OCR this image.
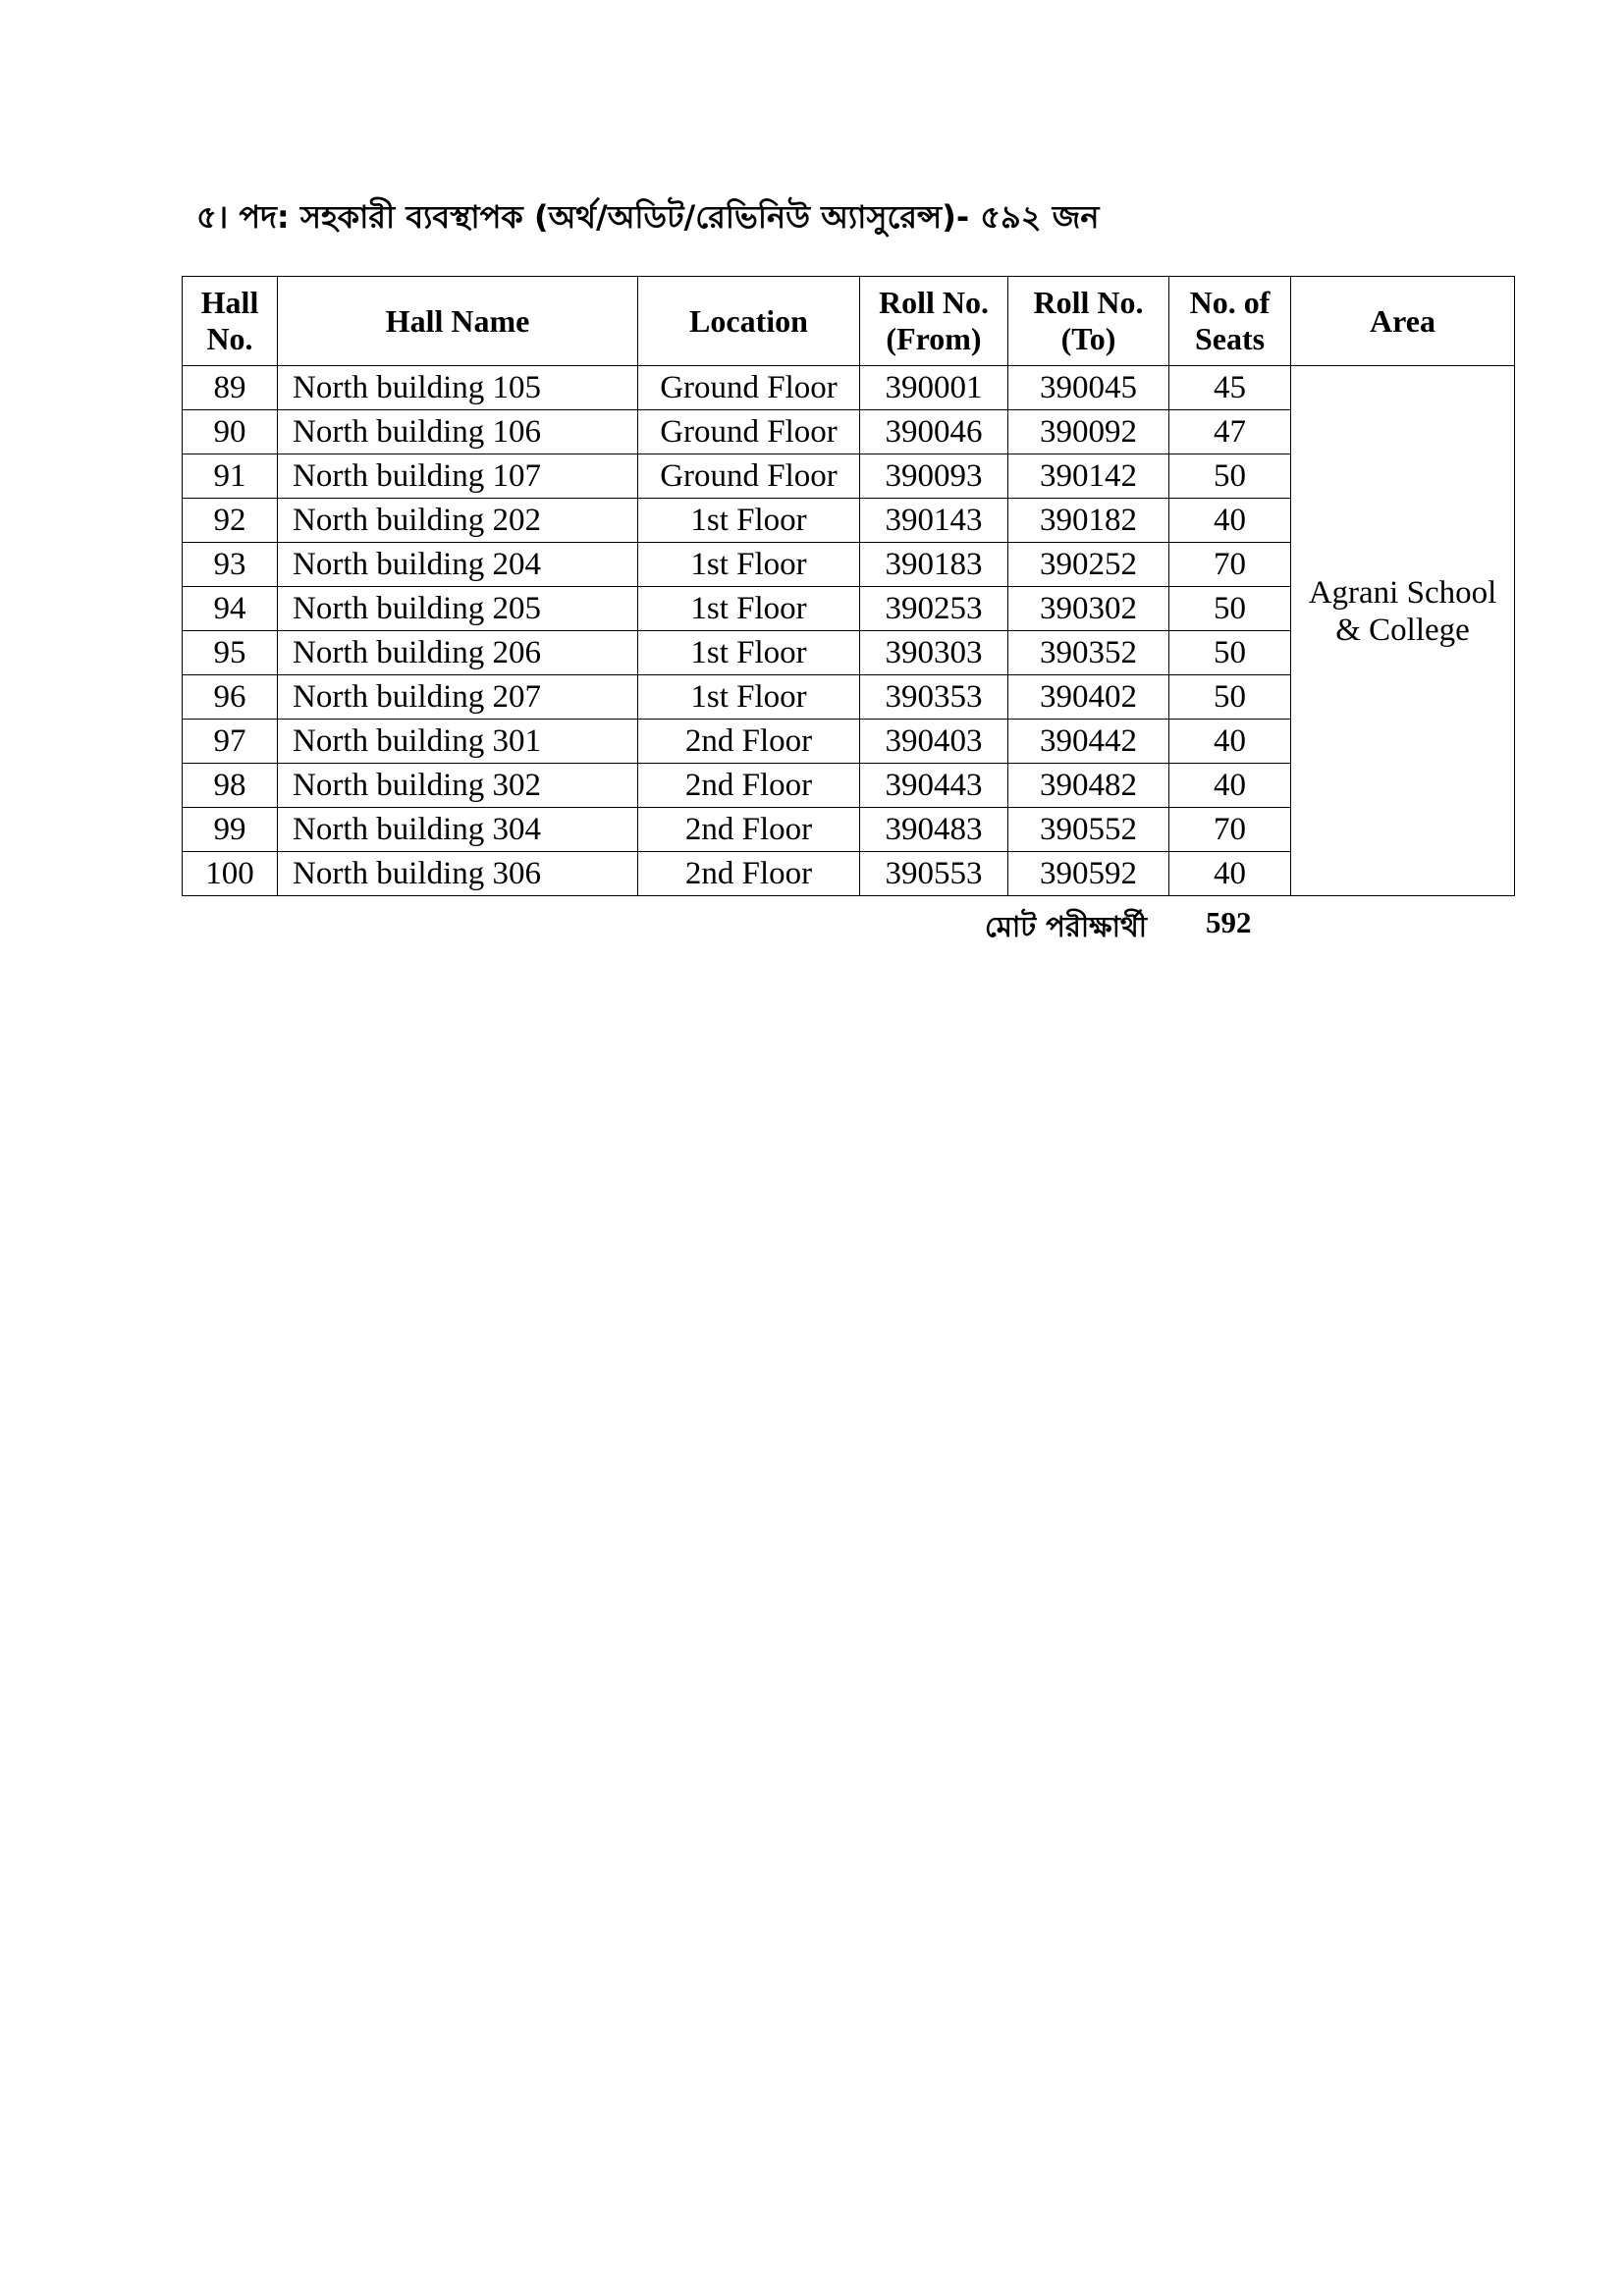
৫। পদ: সহকারী ব্যবস্থাপক (অর্থ/অডিট/রেভিনিউ অ্যাসুরেন্স)- ৫৯২ জন
Hall No.	Hall Name	Location	Roll No. (From)	Roll No. (To)	No. of Seats	Area
89	North building 105	Ground Floor	390001	390045	45	Agrani School & College
90	North building 106	Ground Floor	390046	390092	47	
91	North building 107	Ground Floor	390093	390142	50	
92	North building 202	1st Floor	390143	390182	40	
93	North building 204	1st Floor	390183	390252	70	
94	North building 205	1st Floor	390253	390302	50	
95	North building 206	1st Floor	390303	390352	50	
96	North building 207	1st Floor	390353	390402	50	
97	North building 301	2nd Floor	390403	390442	40	
98	North building 302	2nd Floor	390443	390482	40	
99	North building 304	2nd Floor	390483	390552	70	
100	North building 306	2nd Floor	390553	390592	40	
মোট পরীক্ষার্থী 592
